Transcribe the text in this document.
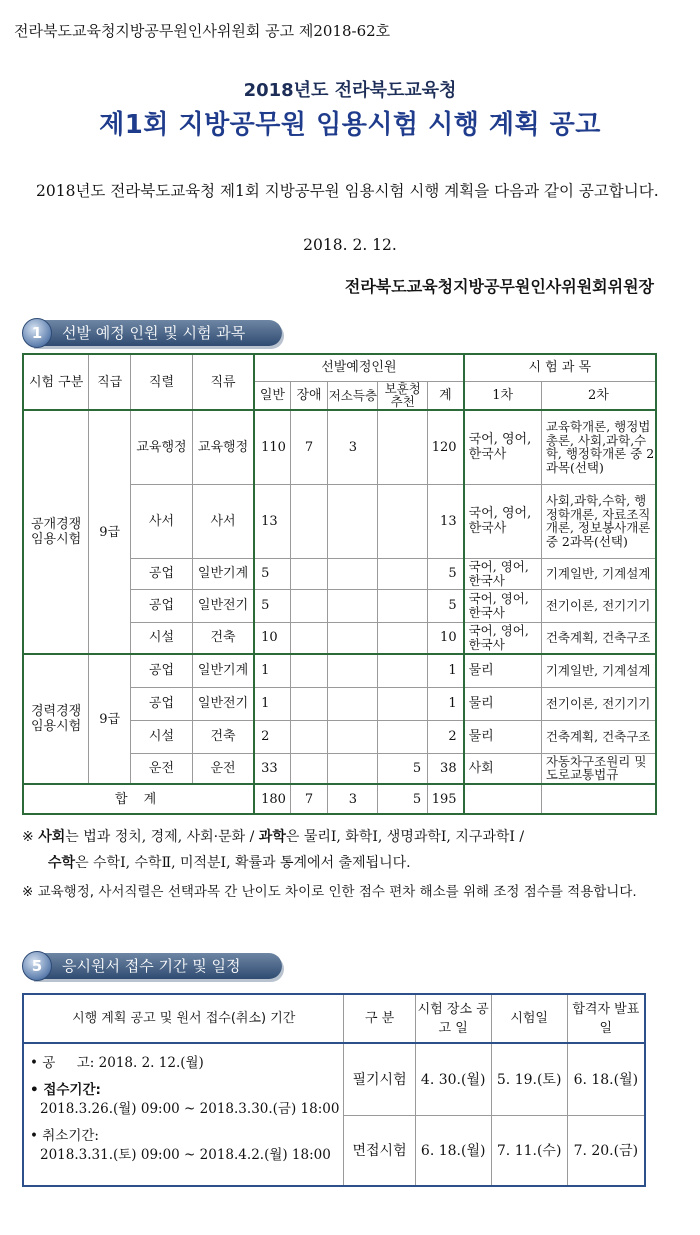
전라북도교육청지방공무원인사위원회 공고 제2018-62호
2018년도 전라북도교육청
제1회 지방공무원 임용시험 시행 계획 공고
2018년도 전라북도교육청 제1회 지방공무원 임용시험 시행 계획을 다음과 같이 공고합니다.
2018. 2. 12.
전라북도교육청지방공무원인사위원회위원장
1	선발 예정 인원 및 시험 과목
시험 구분	직급	직렬	직류	선발예정인원					시 험 과 목	
				일반	장애	저소득층	보훈청 추천	계	1차	2차
공개경쟁 임용시험	9급	교육행정	교육행정	110	7	3		120	국어, 영어, 한국사	교육학개론, 행정법총론, 사회,과학,수학, 행정학개론 중 2과목(선택)
		사서	사서	13				13	국어, 영어, 한국사	사회,과학,수학, 행정학개론, 자료조직개론, 정보봉사개론 중 2과목(선택)
		공업	일반기계	5				5	국어, 영어, 한국사	기계일반, 기계설계
		공업	일반전기	5				5	국어, 영어, 한국사	전기이론, 전기기기
		시설	건축	10				10	국어, 영어, 한국사	건축계획, 건축구조
경력경쟁 임용시험	9급	공업	일반기계	1				1	물리	기계일반, 기계설계
		공업	일반전기	1				1	물리	전기이론, 전기기기
		시설	건축	2				2	물리	건축계획, 건축구조
		운전	운전	33			5	38	사회	자동차구조원리 및 도로교통법규
합 계				180	7	3	5	195		
※ 사회는 법과 정치, 경제, 사회·문화 / 과학은 물리Ⅰ, 화학Ⅰ, 생명과학Ⅰ, 지구과학Ⅰ /
수학은 수학Ⅰ, 수학Ⅱ, 미적분Ⅰ, 확률과 통계에서 출제됩니다.
※ 교육행정, 사서직렬은 선택과목 간 난이도 차이로 인한 점수 편차 해소를 위해 조정 점수를 적용합니다.
5	응시원서 접수 기간 및 일정
시행 계획 공고 및 원서 접수(취소) 기간	구 분	시험 장소 공 고 일	시험일	합격자 발표일

• 공     고: 2018. 2. 12.(월)
• 접수기간:
2018.3.26.(월) 09:00 ~ 2018.3.30.(금) 18:00
• 취소기간:
2018.3.31.(토) 09:00 ~ 2018.4.2.(월) 18:00	필기시험	4. 30.(월)	5. 19.(토)	6. 18.(월)
	면접시험	6. 18.(월)	7. 11.(수)	7. 20.(금)
